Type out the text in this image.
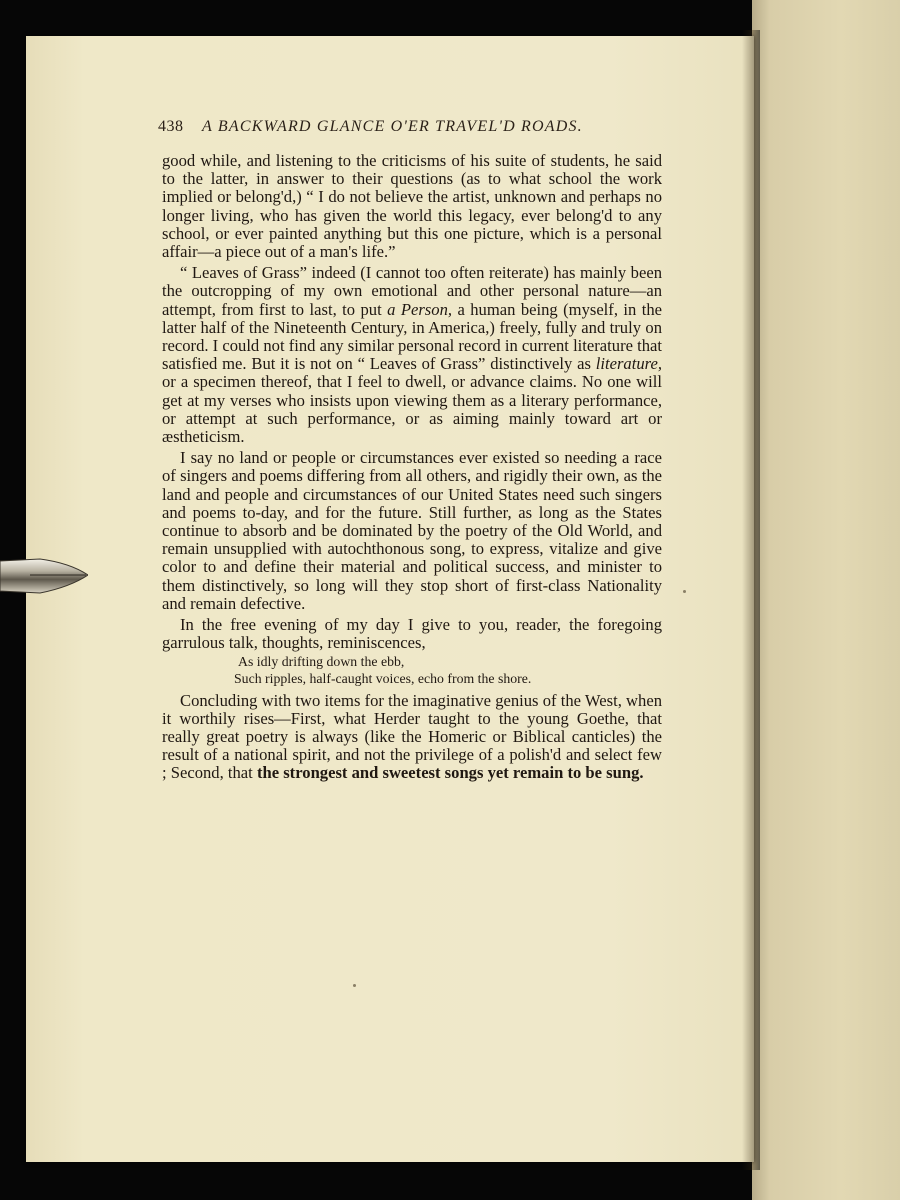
438 A BACKWARD GLANCE O'ER TRAVEL'D ROADS.

good while, and listening to the criticisms of his suite of students, he said to the latter, in answer to their questions (as to what school the work implied or belong'd,) “ I do not believe the artist, unknown and perhaps no longer living, who has given the world this legacy, ever belong'd to any school, or ever painted anything but this one picture, which is a personal affair—a piece out of a man's life.”

“ Leaves of Grass” indeed (I cannot too often reiterate) has mainly been the outcropping of my own emotional and other personal nature—an attempt, from first to last, to put a Person, a human being (myself, in the latter half of the Nineteenth Century, in America,) freely, fully and truly on record. I could not find any similar personal record in current literature that satisfied me. But it is not on “ Leaves of Grass” distinctively as literature, or a specimen thereof, that I feel to dwell, or advance claims. No one will get at my verses who insists upon viewing them as a literary performance, or attempt at such performance, or as aiming mainly toward art or æstheticism.

I say no land or people or circumstances ever existed so needing a race of singers and poems differing from all others, and rigidly their own, as the land and people and circumstances of our United States need such singers and poems to-day, and for the future. Still further, as long as the States continue to absorb and be dominated by the poetry of the Old World, and remain unsupplied with autochthonous song, to express, vitalize and give color to and define their material and political success, and minister to them distinctively, so long will they stop short of first-class Nationality and remain defective.

In the free evening of my day I give to you, reader, the foregoing garrulous talk, thoughts, reminiscences,

As idly drifting down the ebb,
Such ripples, half-caught voices, echo from the shore.

Concluding with two items for the imaginative genius of the West, when it worthily rises—First, what Herder taught to the young Goethe, that really great poetry is always (like the Homeric or Biblical canticles) the result of a national spirit, and not the privilege of a polish'd and select few ; Second, that the strongest and sweetest songs yet remain to be sung.
